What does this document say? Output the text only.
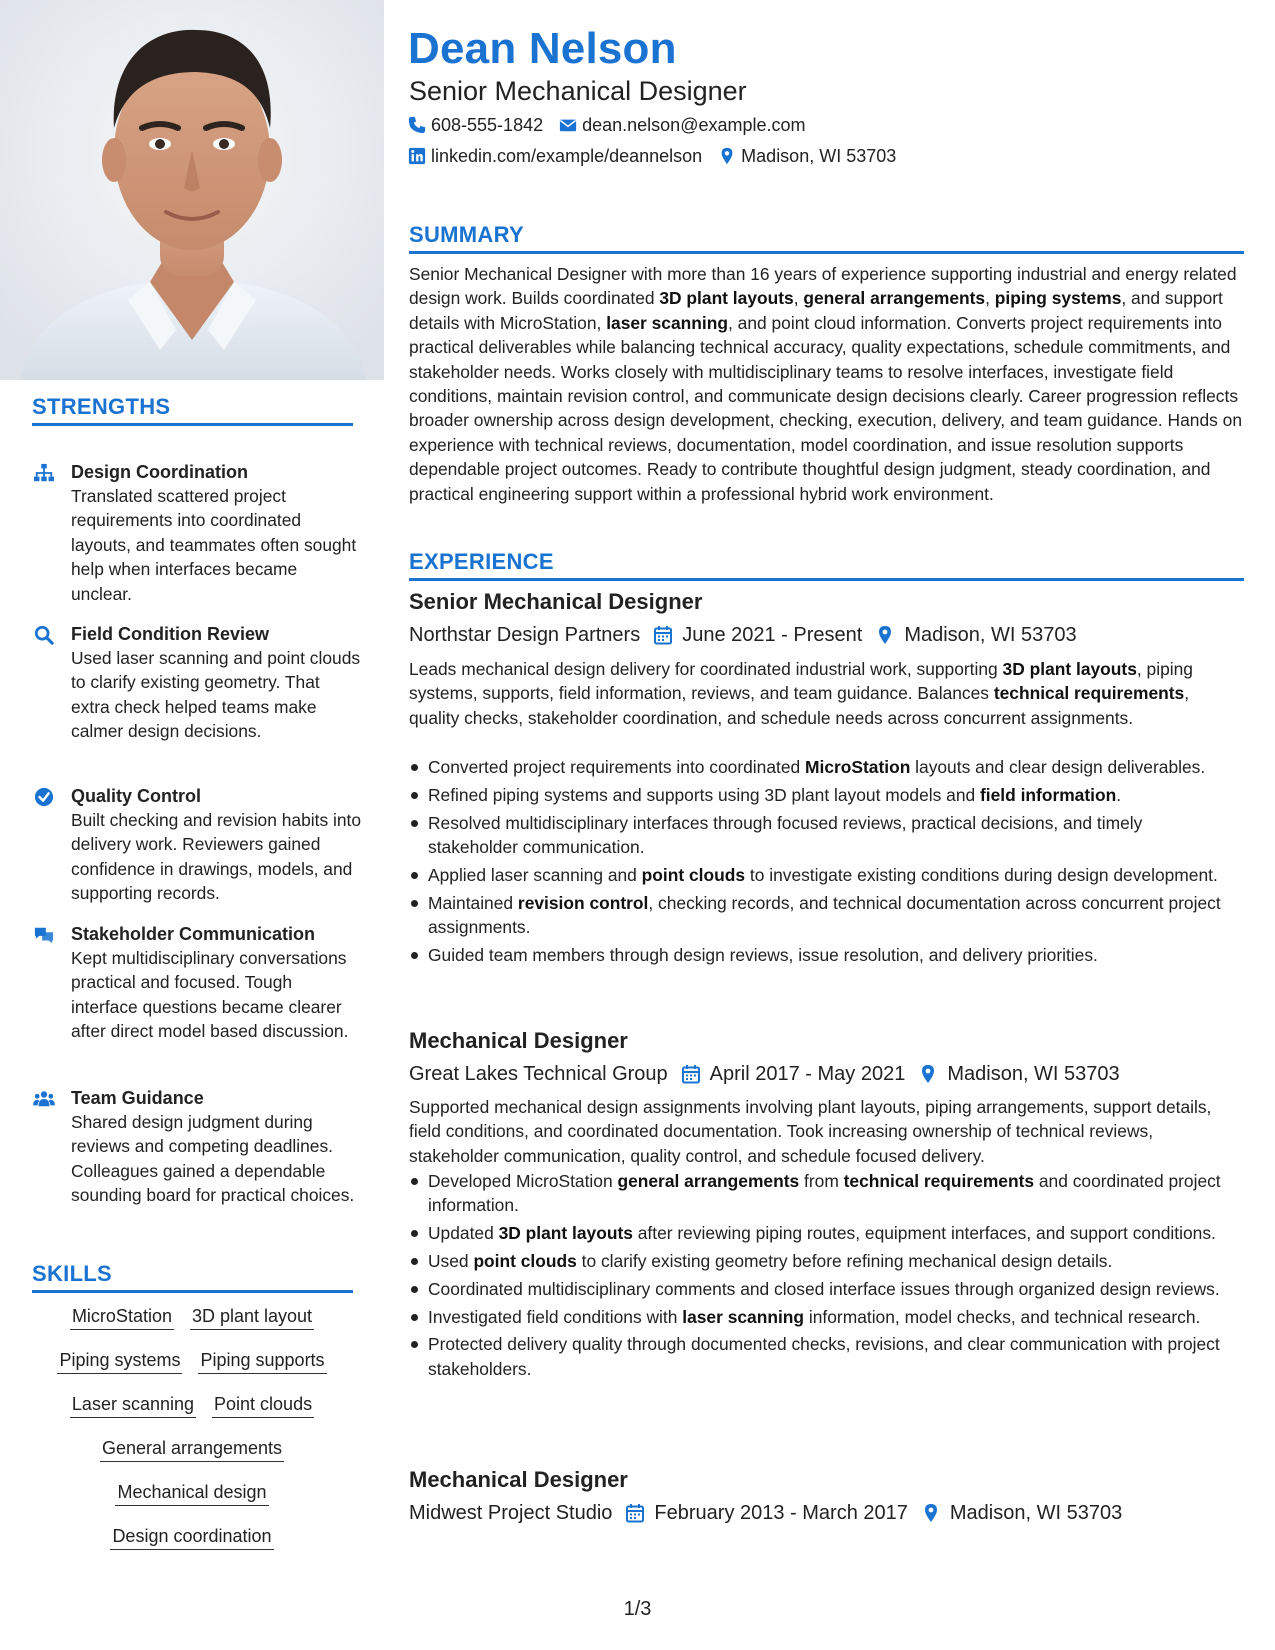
STRENGTHS
Design Coordination
Translated scattered project requirements into coordinated layouts, and teammates often sought help when interfaces became unclear.
Field Condition Review
Used laser scanning and point clouds to clarify existing geometry. That extra check helped teams make calmer design decisions.
Quality Control
Built checking and revision habits into delivery work. Reviewers gained confidence in drawings, models, and supporting records.
Stakeholder Communication
Kept multidisciplinary conversations practical and focused. Tough interface questions became clearer after direct model based discussion.
Team Guidance
Shared design judgment during reviews and competing deadlines. Colleagues gained a dependable sounding board for practical choices.
SKILLS
MicroStation 3D plant layout
Piping systems Piping supports
Laser scanning Point clouds
General arrangements
Mechanical design
Design coordination
Dean Nelson
Senior Mechanical Designer
608-555-1842 dean.nelson@example.com
linkedin.com/example/deannelson Madison, WI 53703
SUMMARY
Senior Mechanical Designer with more than 16 years of experience supporting industrial and energy related design work. Builds coordinated 3D plant layouts, general arrangements, piping systems, and support details with MicroStation, laser scanning, and point cloud information. Converts project requirements into practical deliverables while balancing technical accuracy, quality expectations, schedule commitments, and stakeholder needs. Works closely with multidisciplinary teams to resolve interfaces, investigate field conditions, maintain revision control, and communicate design decisions clearly. Career progression reflects broader ownership across design development, checking, execution, delivery, and team guidance. Hands on experience with technical reviews, documentation, model coordination, and issue resolution supports dependable project outcomes. Ready to contribute thoughtful design judgment, steady coordination, and practical engineering support within a professional hybrid work environment.
EXPERIENCE
Senior Mechanical Designer
Northstar Design Partners June 2021 - Present Madison, WI 53703
Leads mechanical design delivery for coordinated industrial work, supporting 3D plant layouts, piping systems, supports, field information, reviews, and team guidance. Balances technical requirements, quality checks, stakeholder coordination, and schedule needs across concurrent assignments.
Converted project requirements into coordinated MicroStation layouts and clear design deliverables.
Refined piping systems and supports using 3D plant layout models and field information.
Resolved multidisciplinary interfaces through focused reviews, practical decisions, and timely stakeholder communication.
Applied laser scanning and point clouds to investigate existing conditions during design development.
Maintained revision control, checking records, and technical documentation across concurrent project assignments.
Guided team members through design reviews, issue resolution, and delivery priorities.
Mechanical Designer
Great Lakes Technical Group April 2017 - May 2021 Madison, WI 53703
Supported mechanical design assignments involving plant layouts, piping arrangements, support details, field conditions, and coordinated documentation. Took increasing ownership of technical reviews, stakeholder communication, quality control, and schedule focused delivery.
Developed MicroStation general arrangements from technical requirements and coordinated project information.
Updated 3D plant layouts after reviewing piping routes, equipment interfaces, and support conditions.
Used point clouds to clarify existing geometry before refining mechanical design details.
Coordinated multidisciplinary comments and closed interface issues through organized design reviews.
Investigated field conditions with laser scanning information, model checks, and technical research.
Protected delivery quality through documented checks, revisions, and clear communication with project stakeholders.
Mechanical Designer
Midwest Project Studio February 2013 - March 2017 Madison, WI 53703
1/3
